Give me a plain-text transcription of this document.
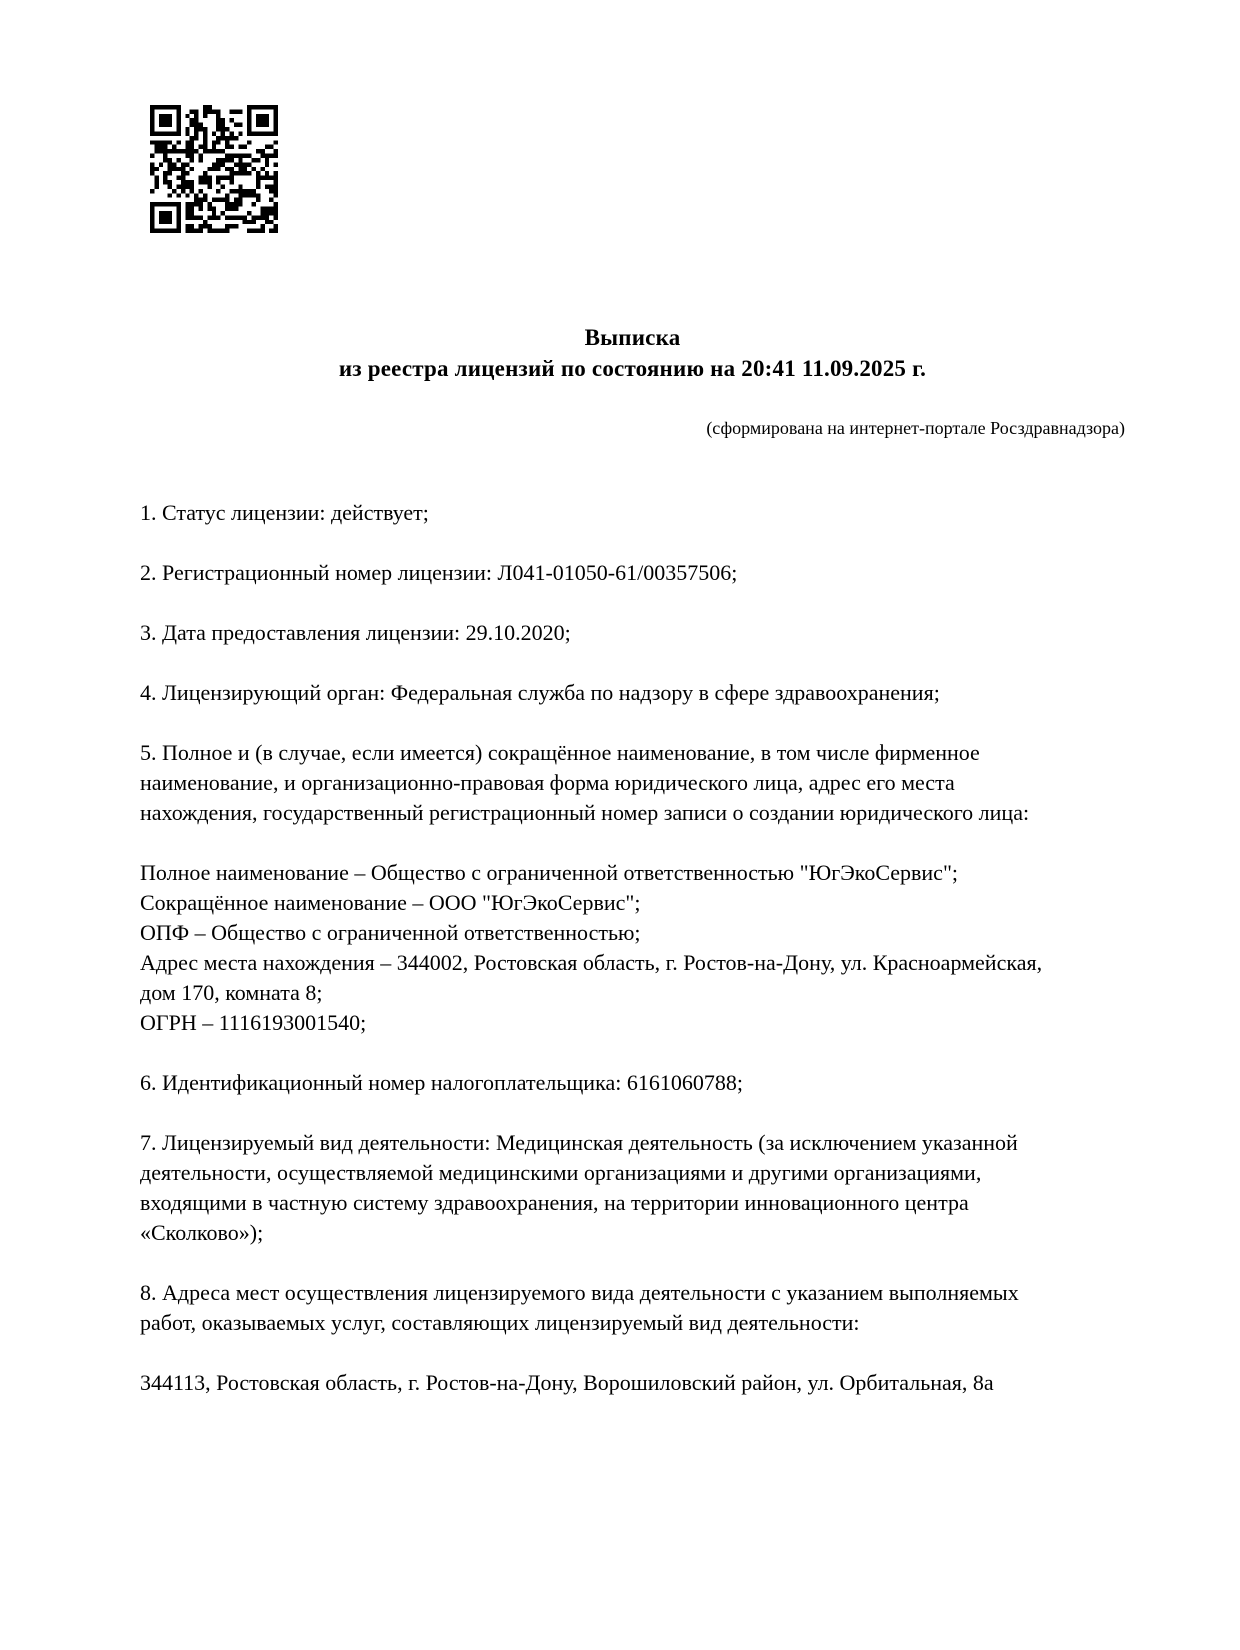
Выписка
из реестра лицензий по состоянию на 20:41 11.09.2025 г.
(сформирована на интернет-портале Росздравнадзора)
1. Статус лицензии: действует;
2. Регистрационный номер лицензии: Л041-01050-61/00357506;
3. Дата предоставления лицензии: 29.10.2020;
4. Лицензирующий орган: Федеральная служба по надзору в сфере здравоохранения;
5. Полное и (в случае, если имеется) сокращённое наименование, в том числе фирменное
наименование, и организационно-правовая форма юридического лица, адрес его места
нахождения, государственный регистрационный номер записи о создании юридического лица:
Полное наименование – Общество с ограниченной ответственностью "ЮгЭкоСервис";
Сокращённое наименование – ООО "ЮгЭкоСервис";
ОПФ – Общество с ограниченной ответственностью;
Адрес места нахождения – 344002, Ростовская область, г. Ростов-на-Дону, ул. Красноармейская,
дом 170, комната 8;
ОГРН – 1116193001540;
6. Идентификационный номер налогоплательщика: 6161060788;
7. Лицензируемый вид деятельности: Медицинская деятельность (за исключением указанной
деятельности, осуществляемой медицинскими организациями и другими организациями,
входящими в частную систему здравоохранения, на территории инновационного центра
«Сколково»);
8. Адреса мест осуществления лицензируемого вида деятельности с указанием выполняемых
работ, оказываемых услуг, составляющих лицензируемый вид деятельности:
344113, Ростовская область, г. Ростов-на-Дону, Ворошиловский район, ул. Орбитальная, 8а
